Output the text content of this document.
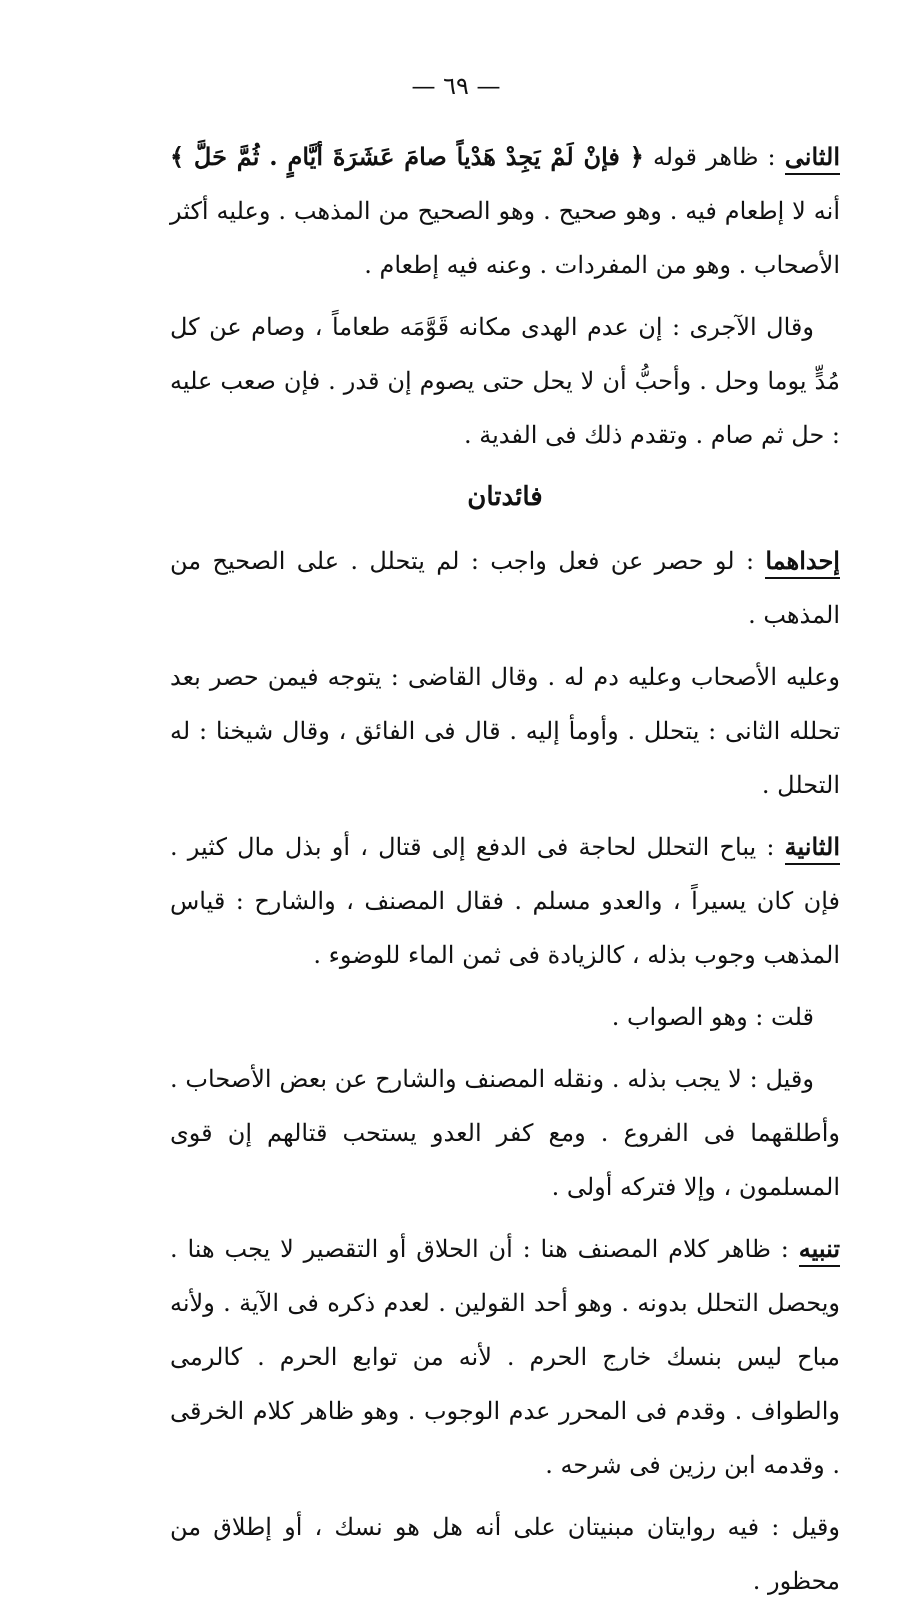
— ٦٩ —

الثانى : ظاهر قوله ﴿ فإنْ لَمْ يَجِدْ هَدْياً صامَ عَشَرَةَ أيَّامٍ . ثُمَّ حَلَّ ﴾ أنه لا إطعام فيه . وهو صحيح . وهو الصحيح من المذهب . وعليه أكثر الأصحاب . وهو من المفردات . وعنه فيه إطعام .

وقال الآجرى : إن عدم الهدى مكانه قَوَّمَه طعاماً ، وصام عن كل مُدٍّ يوما وحل . وأحبُّ أن لا يحل حتى يصوم إن قدر . فإن صعب عليه : حل ثم صام . وتقدم ذلك فى الفدية .

فائدتان

إحداهما : لو حصر عن فعل واجب : لم يتحلل . على الصحيح من المذهب .

وعليه الأصحاب وعليه دم له . وقال القاضى : يتوجه فيمن حصر بعد تحلله الثانى : يتحلل . وأومأ إليه . قال فى الفائق ، وقال شيخنا : له التحلل .

الثانية : يباح التحلل لحاجة فى الدفع إلى قتال ، أو بذل مال كثير . فإن كان يسيراً ، والعدو مسلم . فقال المصنف ، والشارح : قياس المذهب وجوب بذله ، كالزيادة فى ثمن الماء للوضوء .

قلت : وهو الصواب .

وقيل : لا يجب بذله . ونقله المصنف والشارح عن بعض الأصحاب . وأطلقهما فى الفروع . ومع كفر العدو يستحب قتالهم إن قوى المسلمون ، وإلا فتركه أولى .

تنبيه : ظاهر كلام المصنف هنا : أن الحلاق أو التقصير لا يجب هنا . ويحصل التحلل بدونه . وهو أحد القولين . لعدم ذكره فى الآية . ولأنه مباح ليس بنسك خارج الحرم . لأنه من توابع الحرم . كالرمى والطواف . وقدم فى المحرر عدم الوجوب . وهو ظاهر كلام الخرقى . وقدمه ابن رزين فى شرحه .

وقيل : فيه روايتان مبنيتان على أنه هل هو نسك ، أو إطلاق من محظور .
